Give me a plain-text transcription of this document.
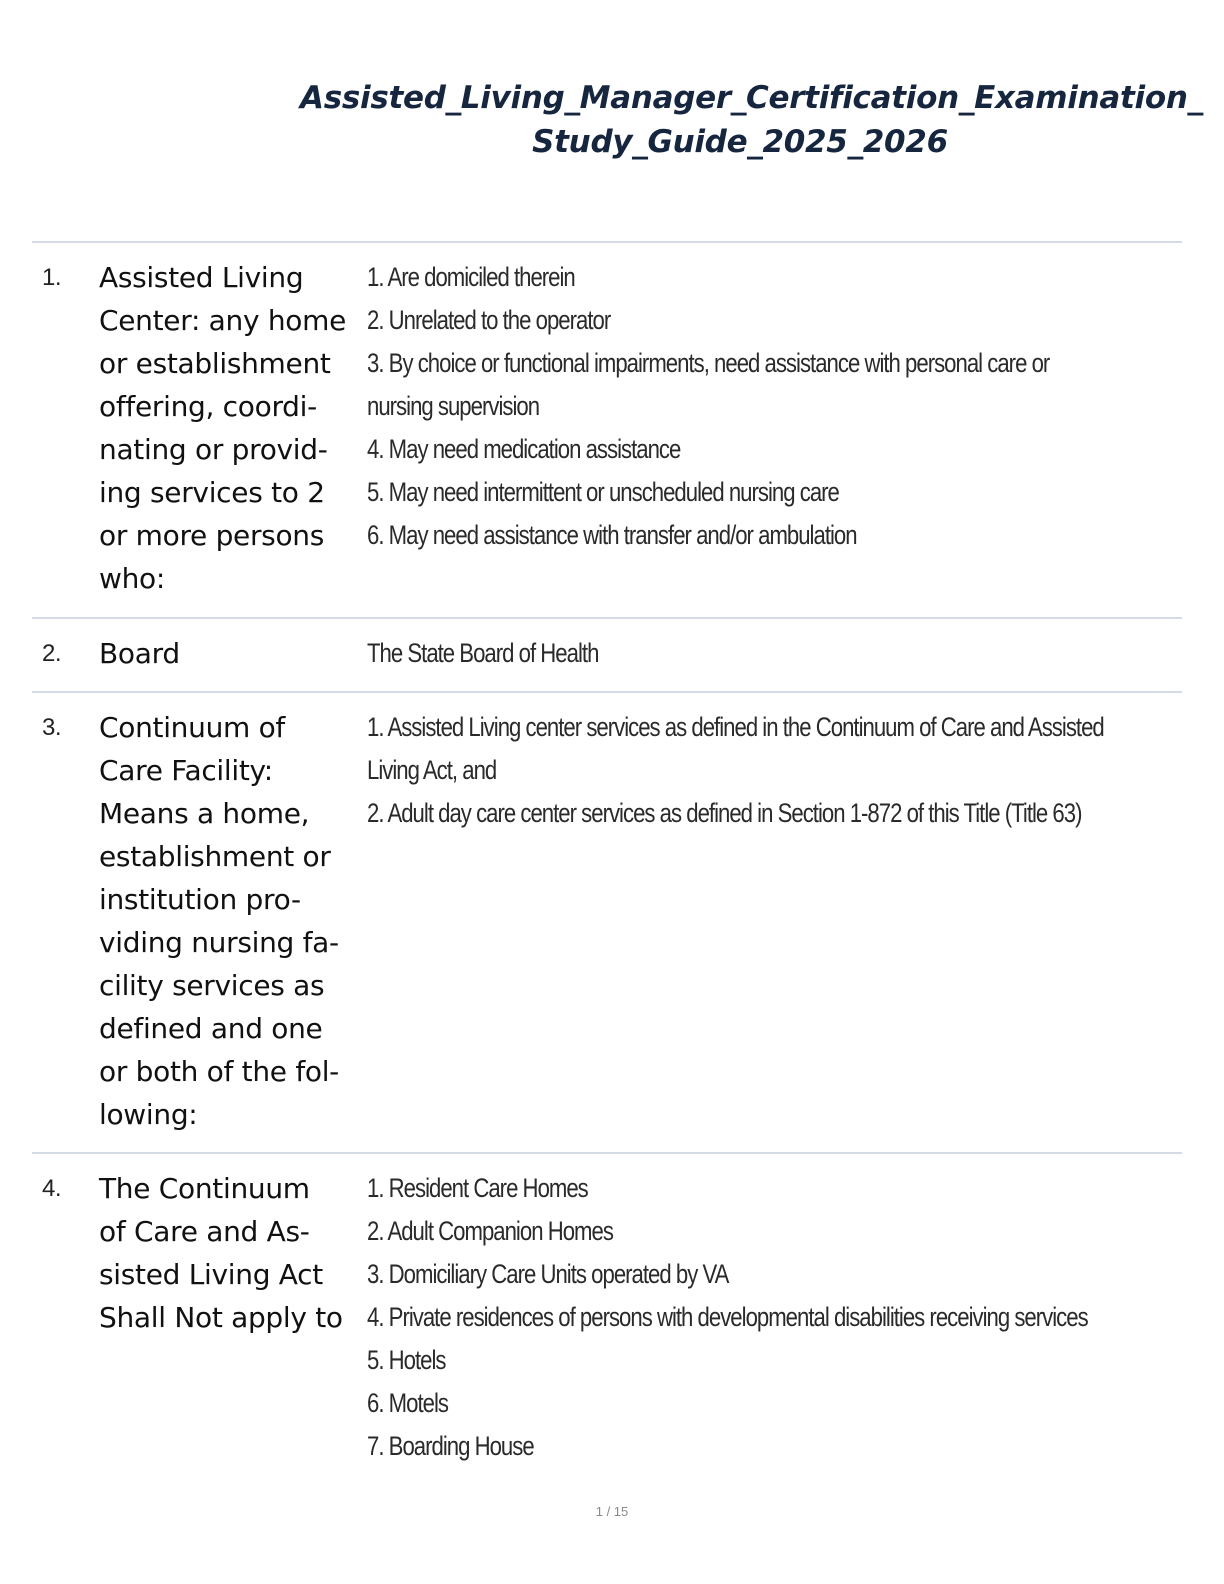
Assisted_Living_Manager_Certification_Examination_
Study_Guide_2025_2026
1. Assisted Living
Center: any home
or establishment
offering, coordi-
nating or provid-
ing services to 2
or more persons
who:
1. Are domiciled therein
2. Unrelated to the operator
3. By choice or functional impairments, need assistance with personal care or
nursing supervision
4. May need medication assistance
5. May need intermittent or unscheduled nursing care
6. May need assistance with transfer and/or ambulation
2. Board	The State Board of Health
3. Continuum of
Care Facility:
Means a home,
establishment or
institution pro-
viding nursing fa-
cility services as
defined and one
or both of the fol-
lowing:
1. Assisted Living center services as defined in the Continuum of Care and Assisted
Living Act, and
2. Adult day care center services as defined in Section 1-872 of this Title (Title 63)
4. The Continuum
of Care and As-
sisted Living Act
Shall Not apply to
1. Resident Care Homes
2. Adult Companion Homes
3. Domiciliary Care Units operated by VA
4. Private residences of persons with developmental disabilities receiving services
5. Hotels
6. Motels
7. Boarding House
1 / 15
